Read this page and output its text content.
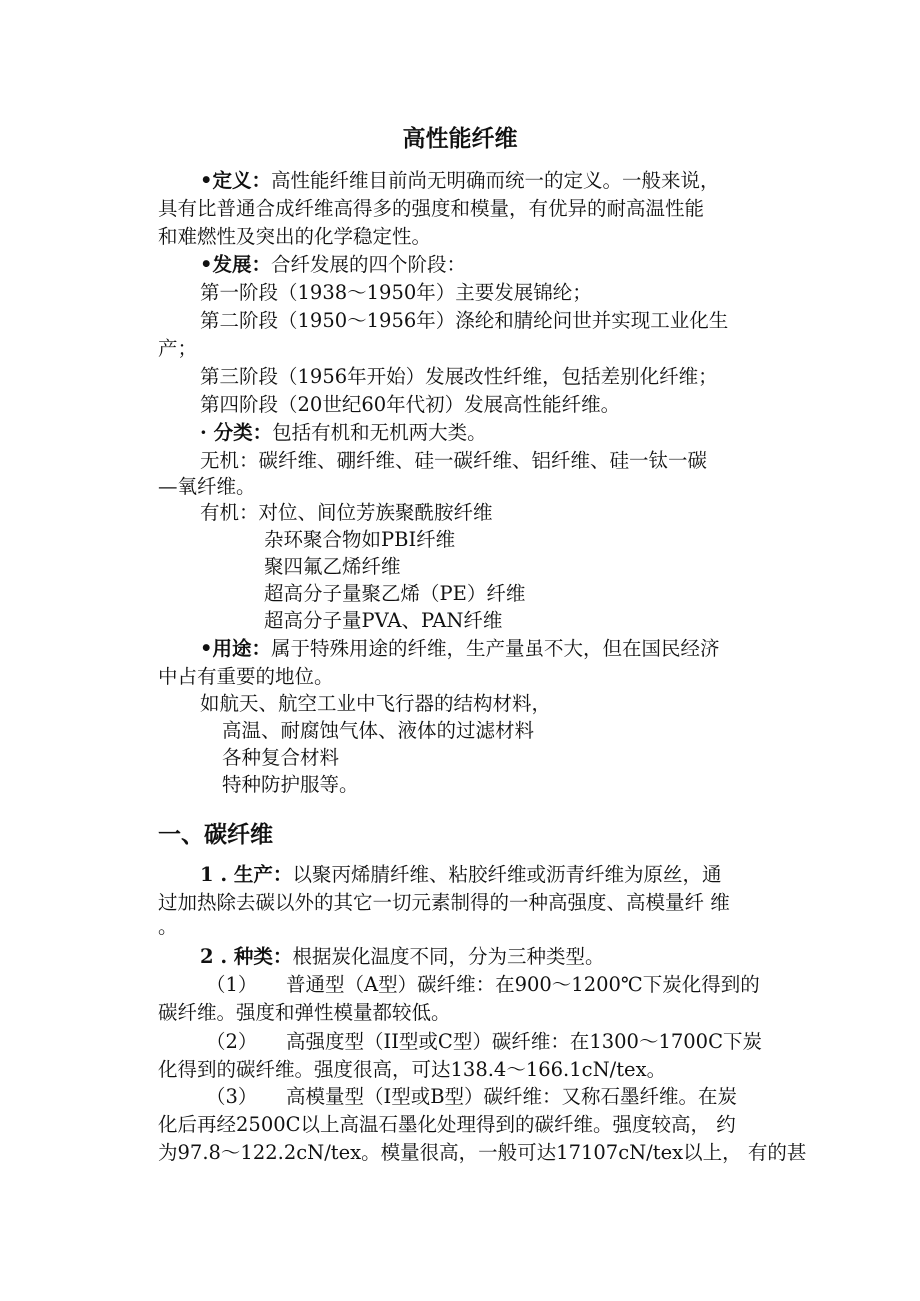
高性能纤维
•定义：高性能纤维目前尚无明确而统一的定义。一般来说，
具有比普通合成纤维高得多的强度和模量，有优异的耐高温性能
和难燃性及突出的化学稳定性。
•发展：合纤发展的四个阶段：
第一阶段（1938〜1950年）主要发展锦纶；
第二阶段（1950〜1956年）涤纶和腈纶问世并实现工业化生
产；
第三阶段（1956年开始）发展改性纤维，包括差别化纤维；
第四阶段（20世纪60年代初）发展高性能纤维。
· 分类：包括有机和无机两大类。
无机：碳纤维、硼纤维、硅一碳纤维、铝纤维、硅一钛一碳
—氧纤维。
有机：对位、间位芳族聚酰胺纤维
杂环聚合物如PBI纤维
聚四氟乙烯纤维
超高分子量聚乙烯（PE）纤维
超高分子量PVA、PAN纤维
•用途：属于特殊用途的纤维，生产量虽不大，但在国民经济
中占有重要的地位。
如航天、航空工业中飞行器的结构材料，
高温、耐腐蚀气体、液体的过滤材料
各种复合材料
特种防护服等。
一、碳纤维
1 . 生产：以聚丙烯腈纤维、粘胶纤维或沥青纤维为原丝，通
过加热除去碳以外的其它一切元素制得的一种高强度、高模量纤 维
。
2 . 种类：根据炭化温度不同，分为三种类型。
（1） 普通型（A型）碳纤维：在900〜1200℃下炭化得到的
碳纤维。强度和弹性模量都较低。
（2） 高强度型（II型或C型）碳纤维：在1300〜1700C下炭
化得到的碳纤维。强度很高，可达138.4〜166.1cN/tex。
（3） 高模量型（I型或B型）碳纤维：又称石墨纤维。在炭
化后再经2500C以上高温石墨化处理得到的碳纤维。强度较高， 约
为97.8〜122.2cN/tex。模量很高，一般可达17107cN/tex以上， 有的甚
